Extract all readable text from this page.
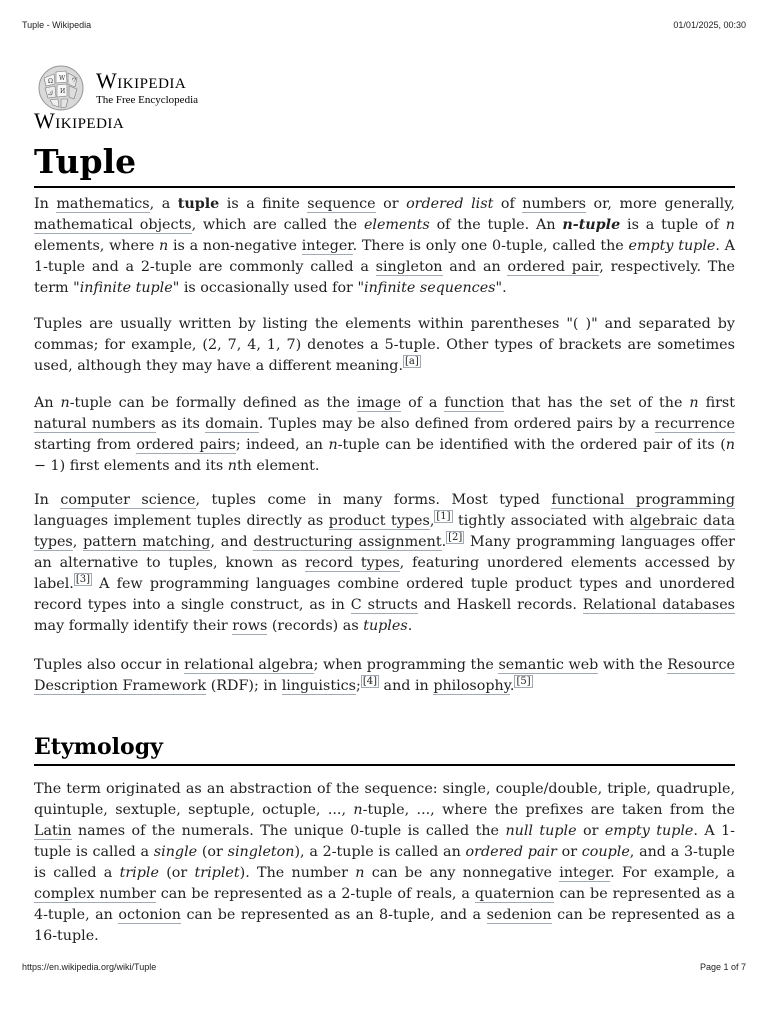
Tuple - Wikipedia	01/01/2025, 00:30
Ω W
И
ك
ウ Wikipedia
The Free Encyclopedia
Wikipedia
Tuple

In mathematics, a tuple is a finite sequence or ordered list of numbers or, more generally, mathematical objects, which are called the elements of the tuple. An n-tuple is a tuple of n elements, where n is a non-negative integer. There is only one 0-tuple, called the empty tuple. A 1-tuple and a 2-tuple are commonly called a singleton and an ordered pair, respectively. The term "infinite tuple" is occasionally used for "infinite sequences".

Tuples are usually written by listing the elements within parentheses "( )" and separated by commas; for example, (2, 7, 4, 1, 7) denotes a 5-tuple. Other types of brackets are sometimes used, although they may have a different meaning. [a]

An n-tuple can be formally defined as the image of a function that has the set of the n first natural numbers as its domain. Tuples may be also defined from ordered pairs by a recurrence starting from ordered pairs; indeed, an n-tuple can be identified with the ordered pair of its (n − 1) first elements and its nth element.

In computer science, tuples come in many forms. Most typed functional programming languages implement tuples directly as product types, [1] tightly associated with algebraic data types, pattern matching, and destructuring assignment. [2] Many programming languages offer an alternative to tuples, known as record types, featuring unordered elements accessed by label. [3] A few programming languages combine ordered tuple product types and unordered record types into a single construct, as in C structs and Haskell records. Relational databases may formally identify their rows (records) as tuples.

Tuples also occur in relational algebra; when programming the semantic web with the Resource Description Framework (RDF); in linguistics; [4] and in philosophy. [5]

Etymology

The term originated as an abstraction of the sequence: single, couple/double, triple, quadruple, quintuple, sextuple, septuple, octuple, ..., n-tuple, ..., where the prefixes are taken from the Latin names of the numerals. The unique 0-tuple is called the null tuple or empty tuple. A 1-tuple is called a single (or singleton), a 2-tuple is called an ordered pair or couple, and a 3-tuple is called a triple (or triplet). The number n can be any nonnegative integer. For example, a complex number can be represented as a 2-tuple of reals, a quaternion can be represented as a 4-tuple, an octonion can be represented as an 8-tuple, and a sedenion can be represented as a 16-tuple.

https://en.wikipedia.org/wiki/Tuple	Page 1 of 7
